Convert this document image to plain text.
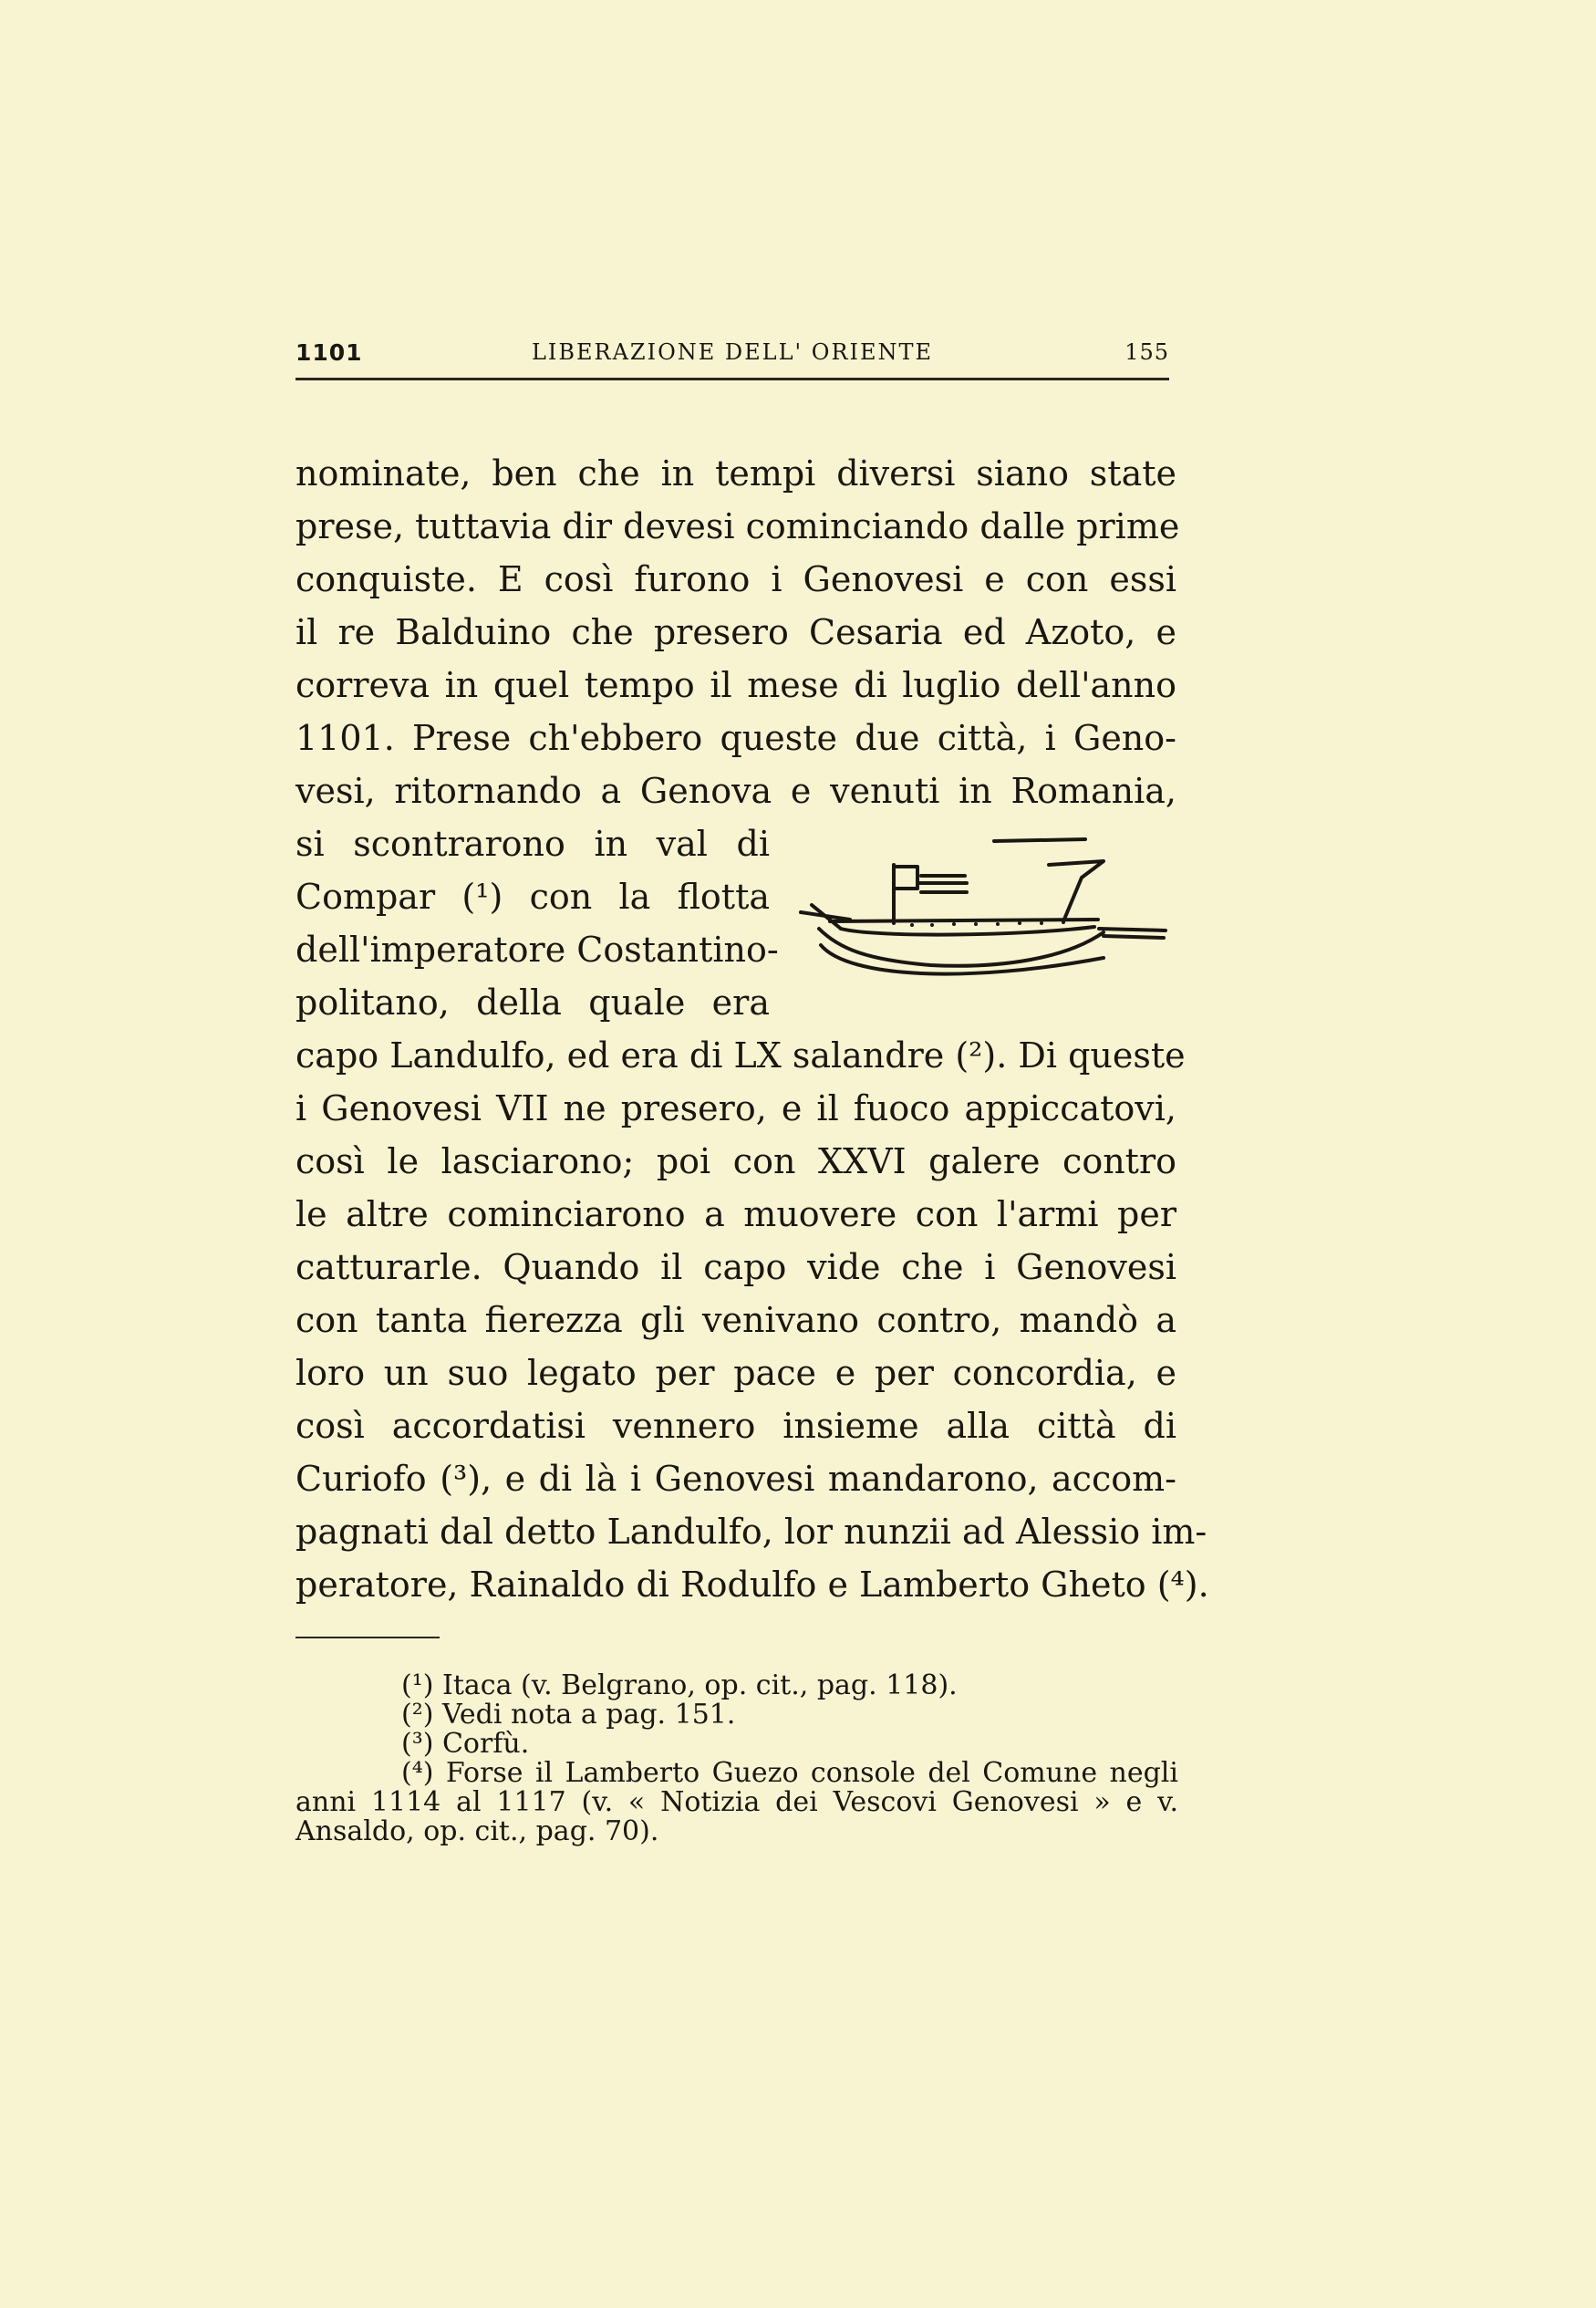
1101	LIBERAZIONE DELL' ORIENTE	155
nominate, ben che in tempi diversi siano state
prese, tuttavia dir devesi cominciando dalle prime
conquiste. E così furono i Genovesi e con essi
il re Balduino che presero Cesaria ed Azoto, e
correva in quel tempo il mese di luglio dell'anno
1101. Prese ch'ebbero queste due città, i Geno-
vesi, ritornando a Genova e venuti in Romania,
si scontrarono in val di
Compar (¹) con la flotta
dell'imperatore Costantino-
politano, della quale era
capo Landulfo, ed era di LX salandre (²). Di queste
i Genovesi VII ne presero, e il fuoco appiccatovi,
così le lasciarono; poi con XXVI galere contro
le altre cominciarono a muovere con l'armi per
catturarle. Quando il capo vide che i Genovesi
con tanta fierezza gli venivano contro, mandò a
loro un suo legato per pace e per concordia, e
così accordatisi vennero insieme alla città di
Curiofo (³), e di là i Genovesi mandarono, accom-
pagnati dal detto Landulfo, lor nunzii ad Alessio im-
peratore, Rainaldo di Rodulfo e Lamberto Gheto (⁴).
(¹) Itaca (v. Belgrano, op. cit., pag. 118).
(²) Vedi nota a pag. 151.
(³) Corfù.
(⁴) Forse il Lamberto Guezo console del Comune negli anni 1114 al 1117 (v. « Notizia dei Vescovi Genovesi » e v. Ansaldo, op. cit., pag. 70).
